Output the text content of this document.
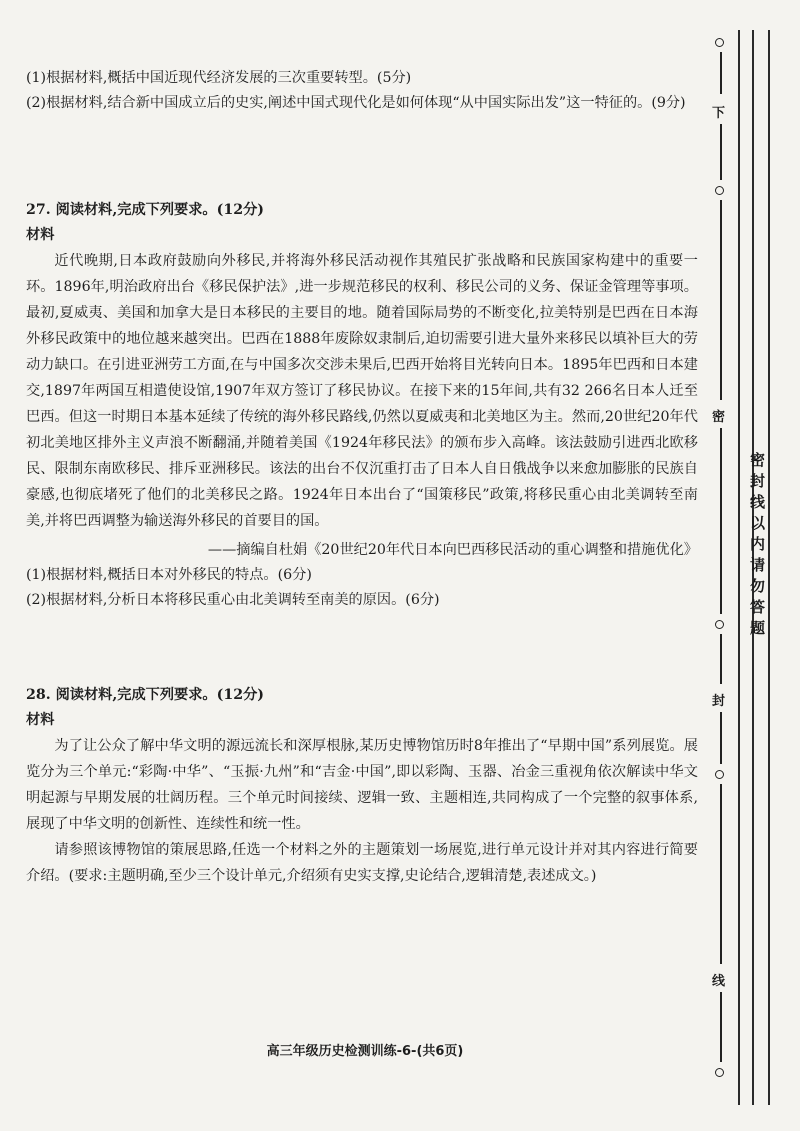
(1)根据材料,概括中国近现代经济发展的三次重要转型。(5分)

(2)根据材料,结合新中国成立后的史实,阐述中国式现代化是如何体现“从中国实际出发”这一特征的。(9分)

27. 阅读材料,完成下列要求。(12分)

材料

近代晚期,日本政府鼓励向外移民,并将海外移民活动视作其殖民扩张战略和民族国家构建中的重要一环。1896年,明治政府出台《移民保护法》,进一步规范移民的权利、移民公司的义务、保证金管理等事项。最初,夏威夷、美国和加拿大是日本移民的主要目的地。随着国际局势的不断变化,拉美特别是巴西在日本海外移民政策中的地位越来越突出。巴西在1888年废除奴隶制后,迫切需要引进大量外来移民以填补巨大的劳动力缺口。在引进亚洲劳工方面,在与中国多次交涉未果后,巴西开始将目光转向日本。1895年巴西和日本建交,1897年两国互相遣使设馆,1907年双方签订了移民协议。在接下来的15年间,共有32 266名日本人迁至巴西。但这一时期日本基本延续了传统的海外移民路线,仍然以夏威夷和北美地区为主。然而,20世纪20年代初北美地区排外主义声浪不断翻涌,并随着美国《1924年移民法》的颁布步入高峰。该法鼓励引进西北欧移民、限制东南欧移民、排斥亚洲移民。该法的出台不仅沉重打击了日本人自日俄战争以来愈加膨胀的民族自豪感,也彻底堵死了他们的北美移民之路。1924年日本出台了“国策移民”政策,将移民重心由北美调转至南美,并将巴西调整为输送海外移民的首要目的国。

——摘编自杜娟《20世纪20年代日本向巴西移民活动的重心调整和措施优化》

(1)根据材料,概括日本对外移民的特点。(6分)

(2)根据材料,分析日本将移民重心由北美调转至南美的原因。(6分)

28. 阅读材料,完成下列要求。(12分)

材料

为了让公众了解中华文明的源远流长和深厚根脉,某历史博物馆历时8年推出了“早期中国”系列展览。展览分为三个单元:“彩陶·中华”、“玉振·九州”和“吉金·中国”,即以彩陶、玉器、冶金三重视角依次解读中华文明起源与早期发展的壮阔历程。三个单元时间接续、逻辑一致、主题相连,共同构成了一个完整的叙事体系,展现了中华文明的创新性、连续性和统一性。

请参照该博物馆的策展思路,任选一个材料之外的主题策划一场展览,进行单元设计并对其内容进行简要介绍。(要求:主题明确,至少三个设计单元,介绍须有史实支撑,史论结合,逻辑清楚,表述成文。)

高三年级历史检测训练-6-(共6页)
下
密
封
线
密封线以内请勿答题
